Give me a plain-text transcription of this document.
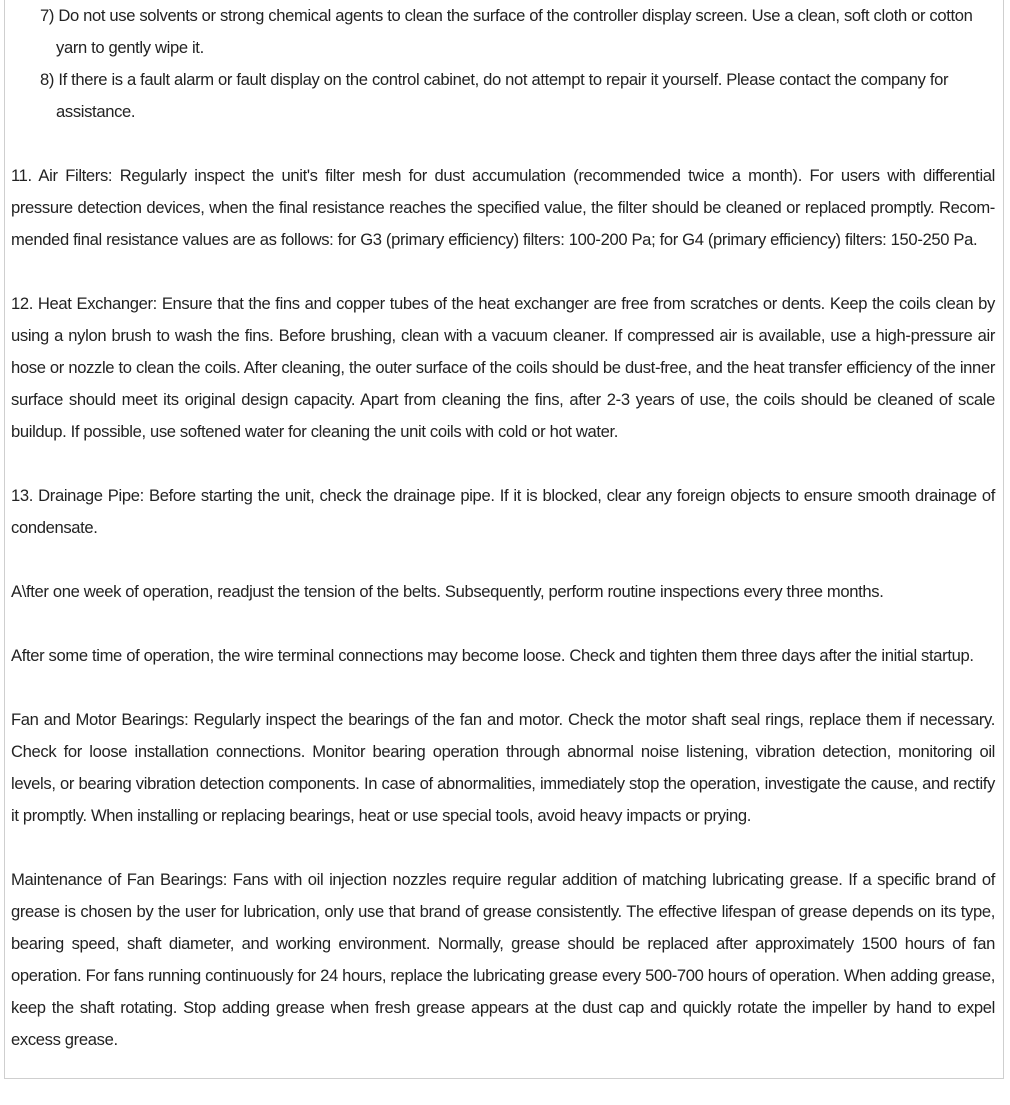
7) Do not use solvents or strong chemical agents to clean the surface of the controller display screen. Use a clean, soft cloth or cotton yarn to gently wipe it.
8) If there is a fault alarm or fault display on the control cabinet, do not attempt to repair it yourself. Please contact the company for assistance.

11. Air Filters: Regularly inspect the unit's filter mesh for dust accumulation (recommended twice a month). For users with differential pressure detection devices, when the final resistance reaches the specified value, the filter should be cleaned or replaced promptly. Recom-mended final resistance values are as follows: for G3 (primary efficiency) filters: 100-200 Pa; for G4 (primary efficiency) filters: 150-250 Pa.

12. Heat Exchanger: Ensure that the fins and copper tubes of the heat exchanger are free from scratches or dents. Keep the coils clean by using a nylon brush to wash the fins. Before brushing, clean with a vacuum cleaner. If compressed air is available, use a high-pressure air hose or nozzle to clean the coils. After cleaning, the outer surface of the coils should be dust-free, and the heat transfer efficiency of the inner surface should meet its original design capacity. Apart from cleaning the fins, after 2-3 years of use, the coils should be cleaned of scale buildup. If possible, use softened water for cleaning the unit coils with cold or hot water.

13. Drainage Pipe: Before starting the unit, check the drainage pipe. If it is blocked, clear any foreign objects to ensure smooth drainage of condensate.

A\fter one week of operation, readjust the tension of the belts. Subsequently, perform routine inspections every three months.

After some time of operation, the wire terminal connections may become loose. Check and tighten them three days after the initial startup.

Fan and Motor Bearings: Regularly inspect the bearings of the fan and motor. Check the motor shaft seal rings, replace them if necessary. Check for loose installation connections. Monitor bearing operation through abnormal noise listening, vibration detection, monitoring oil levels, or bearing vibration detection components. In case of abnormalities, immediately stop the operation, investigate the cause, and rectify it promptly. When installing or replacing bearings, heat or use special tools, avoid heavy impacts or prying.

Maintenance of Fan Bearings: Fans with oil injection nozzles require regular addition of matching lubricating grease. If a specific brand of grease is chosen by the user for lubrication, only use that brand of grease consistently. The effective lifespan of grease depends on its type, bearing speed, shaft diameter, and working environment. Normally, grease should be replaced after approximately 1500 hours of fan operation. For fans running continuously for 24 hours, replace the lubricating grease every 500-700 hours of operation. When adding grease, keep the shaft rotating. Stop adding grease when fresh grease appears at the dust cap and quickly rotate the impeller by hand to expel excess grease.
